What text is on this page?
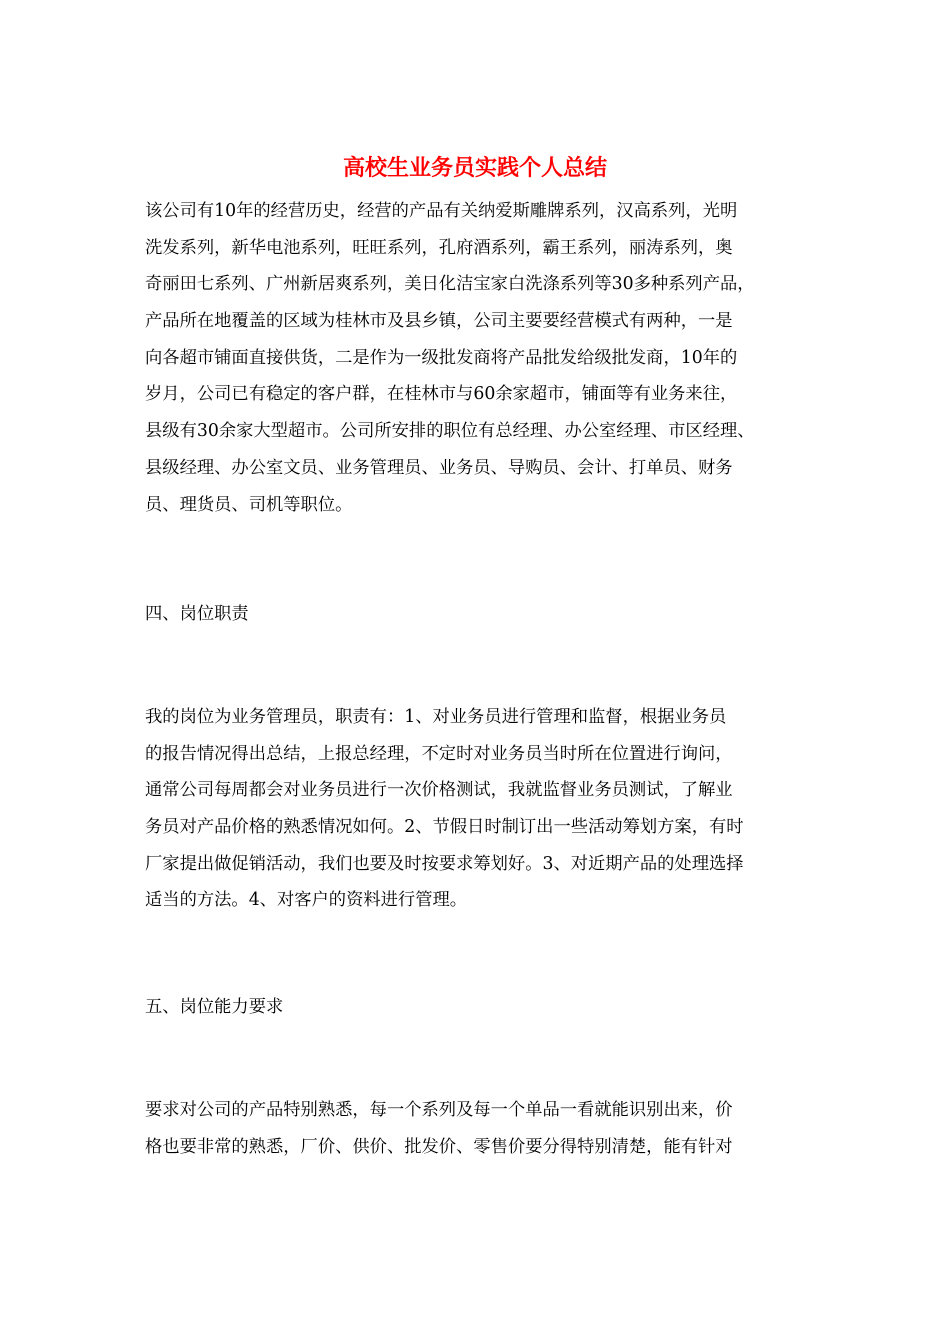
高校生业务员实践个人总结
该公司有10年的经营历史，经营的产品有关纳爱斯雕牌系列，汉高系列，光明
洗发系列，新华电池系列，旺旺系列，孔府酒系列，霸王系列，丽涛系列，奥
奇丽田七系列、广州新居爽系列，美日化洁宝家白洗涤系列等30多种系列产品，
产品所在地覆盖的区域为桂林市及县乡镇，公司主要要经营模式有两种，一是
向各超市铺面直接供货，二是作为一级批发商将产品批发给级批发商，10年的
岁月，公司已有稳定的客户群，在桂林市与60余家超市，铺面等有业务来往，
县级有30余家大型超市。公司所安排的职位有总经理、办公室经理、市区经理、
县级经理、办公室文员、业务管理员、业务员、导购员、会计、打单员、财务
员、理货员、司机等职位。
四、岗位职责
我的岗位为业务管理员，职责有：1、对业务员进行管理和监督，根据业务员
的报告情况得出总结，上报总经理，不定时对业务员当时所在位置进行询问，
通常公司每周都会对业务员进行一次价格测试，我就监督业务员测试，了解业
务员对产品价格的熟悉情况如何。2、节假日时制订出一些活动筹划方案，有时
厂家提出做促销活动，我们也要及时按要求筹划好。3、对近期产品的处理选择
适当的方法。4、对客户的资料进行管理。
五、岗位能力要求
要求对公司的产品特别熟悉，每一个系列及每一个单品一看就能识别出来，价
格也要非常的熟悉，厂价、供价、批发价、零售价要分得特别清楚，能有针对
